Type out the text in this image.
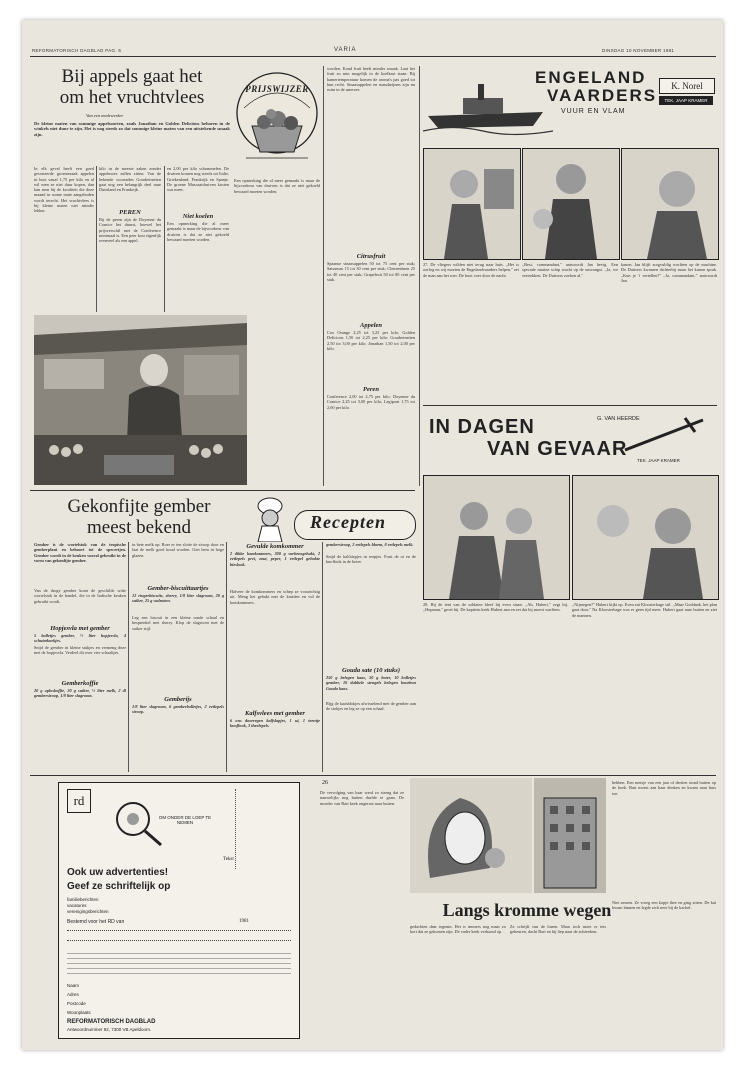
REFORMATORISCH DAGBLAD PAG. 6	VARIA	DINSDAG 10 NOVEMBER 1981
Bij appels gaat het
om het vruchtvlees
Van een medewerker
De kleine maten van sommige appelsoorten, zoals Jonathan en Golden Delicious behoren in de winkels niet duur te zijn. Het is nog steeds zo dat sommige kleine maten van een uitstekende smaak zijn.
PRIJSWIJZER
In elk geval heeft een goed gesorteerde groentezaak appelen in huis vanaf 1,75 per kilo en al wil men ze niet duur kopen, dan kan men bij de kwaliteit die deze maand in ruime mate aangeboden wordt terecht. Het vruchtvlees is bij kleine maten niet minder lekker.
kilo in de meeste zaken zonder appelmoes zullen zitten. Van de bekende voorraden Goudreinetten gaat nog een belangrijk deel naar Duitsland en Frankrijk.
PEREN
Bij de peren zijn de Doyenne du Comice het duurst, hoewel het prijsverschil met de Conference minimaal is. Een peer kost eigenlijk evenveel als een appel.
en 2,00 per kilo schommelen. De druiven komen nog steeds uit Italie, Griekenland, Frankrijk en Spanje. De groene Muscaatdruiven kosten wat meer.
Niet koelen
Een opmerking die al meer gemaakt is maar de bijvoorkeur van druiven is dat ze niet gekoeld bewaard moeten worden.
Een opmerking die al meer gemaakt is maar de bijvoorkeur van druiven is dat ze niet gekoeld bewaard moeten worden.
worden. Koud fruit heeft minder smaak. Laat het fruit zo min mogelijk in de koelkast staan. Bij kamertemperatuur komen de aroma's pas goed tot hun recht. Sinaasappelen en mandarijnen zijn nu ruim in de aanvoer.
Citrusfruit
Spaanse sinaasappelen 50 tot 75 cent per stuk; Satsumas 15 tot 30 cent per stuk; Clementinen 25 tot 40 cent per stuk; Grapefruit 50 tot 80 cent per stuk.
Appelen
Cox Orange 2,25 tot 3,25 per kilo; Golden Delicious 1,50 tot 2,25 per kilo; Goudreinetten 2,50 tot 3,00 per kilo; Jonathan 1,50 tot 2,00 per kilo.
Peren
Conference 2,00 tot 2,75 per kilo; Doyenne du Comice 2,25 tot 3,00 per kilo; Legipont 1,75 tot 2,00 per kilo.
ENGELAND
VAARDERS
VUUR EN VLAM
K. Norel
TEK. JAAP KRAMER
27. De vliegers wilden niet terug naar huis. ,,Het is oorlog en wij moeten de Engelandvaarders helpen," zei de man aan het roer. De boot voer door de nacht.
,,Best, commandant," antwoordt Jan hevig. Een speciale marine schip wacht op de ontvangst. ,,Ja, we vertrekken. De Duitsers zoeken al."
kanon. Jan blijft zorgvuldig wachten op de machine. De Duitsers kwamen dichterbij maar het kanon sprak. ,,Kun je 't vertellen?" ,,Ja, commandant," antwoordt Jan.
IN DAGEN
VAN GEVAAR
G. VAN HEERDE
TEK. JAAP KRAMER
28. Bij de tent van de soldaten bleef hij even staan. ,,Ah, Hubert," zegt hij. ,,Hopman," groet hij. De kapitein keek Hubert aan en zei dat hij moest wachten.
,,Nijmegen?" Hubert kijkt op. Even zat Kloosterhage stil. ,,Maar Goddank, het plan gaat door." Na Kloosterhage was er geen tijd meer. Hubert gaat naar buiten en ziet de mannen.
Gekonfijte gember
meest bekend	Recepten
Gember is de wortelstok van de tropische gemberplant en behoort tot de specerijen. Gember wordt in de keuken vooral gebruikt in de vorm van gekonfijte gember.
Van de droge gember komt de geschilde witte wortelstok in de handel, die in de Indische keuken gebruikt wordt.
Hopjesvla met gember
5 bolletjes gember, ½ liter hopjesvla, 4 schuimkoekjes.
Snijd de gember in kleine stukjes en vermeng deze met de hopjesvla. Verdeel dit over vier schaaltjes.
Gemberkoffie
20 g oploskoffie, 20 g suiker, ½ liter melk, 2 dl gembersiroop, 1/8 liter slagroom.
in hete melk op. Roer er ten slotte de siroop door en laat de melk goed koud worden. Giet hem in hoge glazen.
Gember-biscuittaartjes
12 ringerbiscuits, sherry, 1/8 liter slagroom, 20 g suiker, 25 g walnoten.
Leg een biscuit in een kleine ronde schaal en besprenkel met sherry. Klop de slagroom met de suiker stijf.
Gemberijs
1/8 liter slagroom, 6 gemberbolletjes, 2 eetlepels siroop.
Gevulde komkommer
2 dikke komkommers, 300 g varkensgehakt, 2 eetlepels prei, zout, peper, 1 eetlepel gehakte bieslook.
Halveer de komkommers en schep ze voorzichtig uit. Meng het gehakt met de kruiden en vul de komkommers.
Kalfsvlees met gember
6 ons doorregen kalfslapjes, 1 ui, 1 teentje knoflook, 3 theelepels.
gembersiroop, 2 eetlepels bloem, 8 eetlepels melk.
Snijd de kalfslapjes in reepjes. Fruit de ui en de knoflook in de boter.
Gouda sate (10 stuks)
250 g belegen kaas, 50 g boter, 10 bolletjes gember, 10 dubbele stengels belegen bourbon Gouda kaas.
Rijg de kaasblokjes afwisselend met de gember aan de stokjes en leg ze op een schaal.
rd
OM ONDER DE LOEP TE NEMEN
Tekst
Ook uw advertenties!
Geef ze schriftelijk op
familieberichten
vacatures
verenigingsberichten
Bestemd voor het RD van	1981
Naam
Adres
Postcode
Woonplaats
REFORMATORISCH DAGBLAD
Antwoordnummer 92, 7300 VB Apeldoorn.
26
De vervolging van haar werd zo streng dat ze nauwelijks nog buiten durfde te gaan. De moeder van Bart keek ongerust naar buiten.
Langs kromme wegen
gedachten daar tegenin. Het is immers nog maar zo kort dat ze gekomen zijn. De vader keek verbaasd op.
Ze schrijft van de buren. Maar toch moet er iets gebeuren, dacht Bart en hij liep naar de achterdeur.
hebben. Een meisje van een jaar of dertien stond buiten op de hoek. Bart moest aan haar denken en kwam naar huis toe.
Niet zeuren. Ze vroeg een kopje thee en ging zitten. De kat kwam binnen en legde zich neer bij de kachel.
